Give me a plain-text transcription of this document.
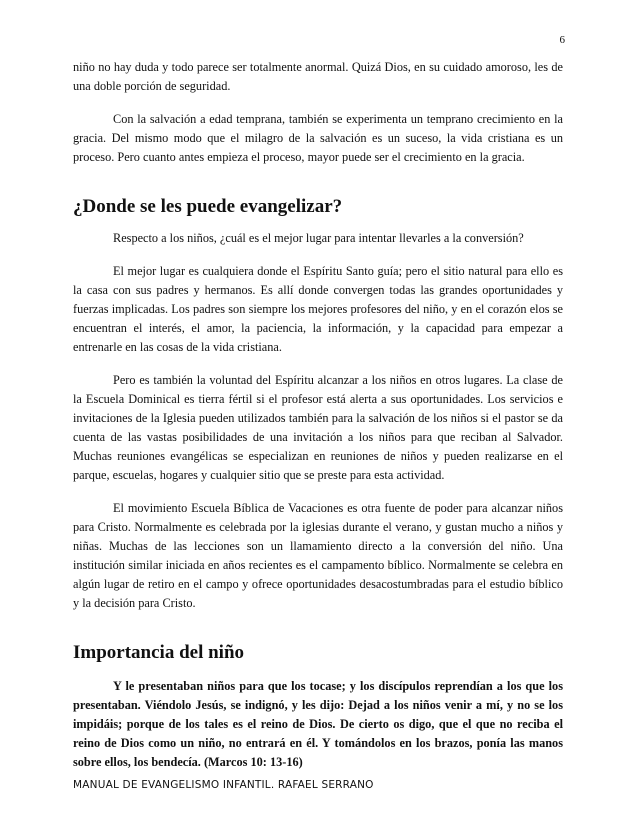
6

niño no hay duda y todo parece ser totalmente anormal. Quizá Dios, en su cuidado amoroso, les de una doble porción de seguridad.

Con la salvación a edad temprana, también se experimenta un temprano crecimiento en la gracia. Del mismo modo que el milagro de la salvación es un suceso, la vida cristiana es un proceso. Pero cuanto antes empieza el proceso, mayor puede ser el crecimiento en la gracia.

¿Donde se les puede evangelizar?

Respecto a los niños, ¿cuál es el mejor lugar para intentar llevarles a la conversión?

El mejor lugar es cualquiera donde el Espíritu Santo guía; pero el sitio natural para ello es la casa con sus padres y hermanos. Es allí donde convergen todas las grandes oportunidades y fuerzas implicadas. Los padres son siempre los mejores profesores del niño, y en el corazón elos se encuentran el interés, el amor, la paciencia, la información, y la capacidad para empezar a entrenarle en las cosas de la vida cristiana.

Pero es también la voluntad del Espíritu alcanzar a los niños en otros lugares. La clase de la Escuela Dominical es tierra fértil si el profesor está alerta a sus oportunidades. Los servicios e invitaciones de la Iglesia pueden utilizados también para la salvación de los niños si el pastor se da cuenta de las vastas posibilidades de una invitación a los niños para que reciban al Salvador. Muchas reuniones evangélicas se especializan en reuniones de niños y pueden realizarse en el parque, escuelas, hogares y cualquier sitio que se preste para esta actividad.

El movimiento Escuela Bíblica de Vacaciones es otra fuente de poder para alcanzar niños para Cristo. Normalmente es celebrada por la iglesias durante el verano, y gustan mucho a niños y niñas. Muchas de las lecciones son un llamamiento directo a la conversión del niño. Una institución similar iniciada en años recientes es el campamento bíblico. Normalmente se celebra en algún lugar de retiro en el campo y ofrece oportunidades desacostumbradas para el estudio bíblico y la decisión para Cristo.

Importancia del niño

Y le presentaban niños para que los tocase; y los discípulos reprendían a los que los presentaban. Viéndolo Jesús, se indignó, y les dijo: Dejad a los niños venir a mí, y no se los impidáis; porque de los tales es el reino de Dios. De cierto os digo, que el que no reciba el reino de Dios como un niño, no entrará en él. Y tomándolos en los brazos, ponía las manos sobre ellos, los bendecía. (Marcos 10: 13-16)

MANUAL DE EVANGELISMO INFANTIL. RAFAEL SERRANO
